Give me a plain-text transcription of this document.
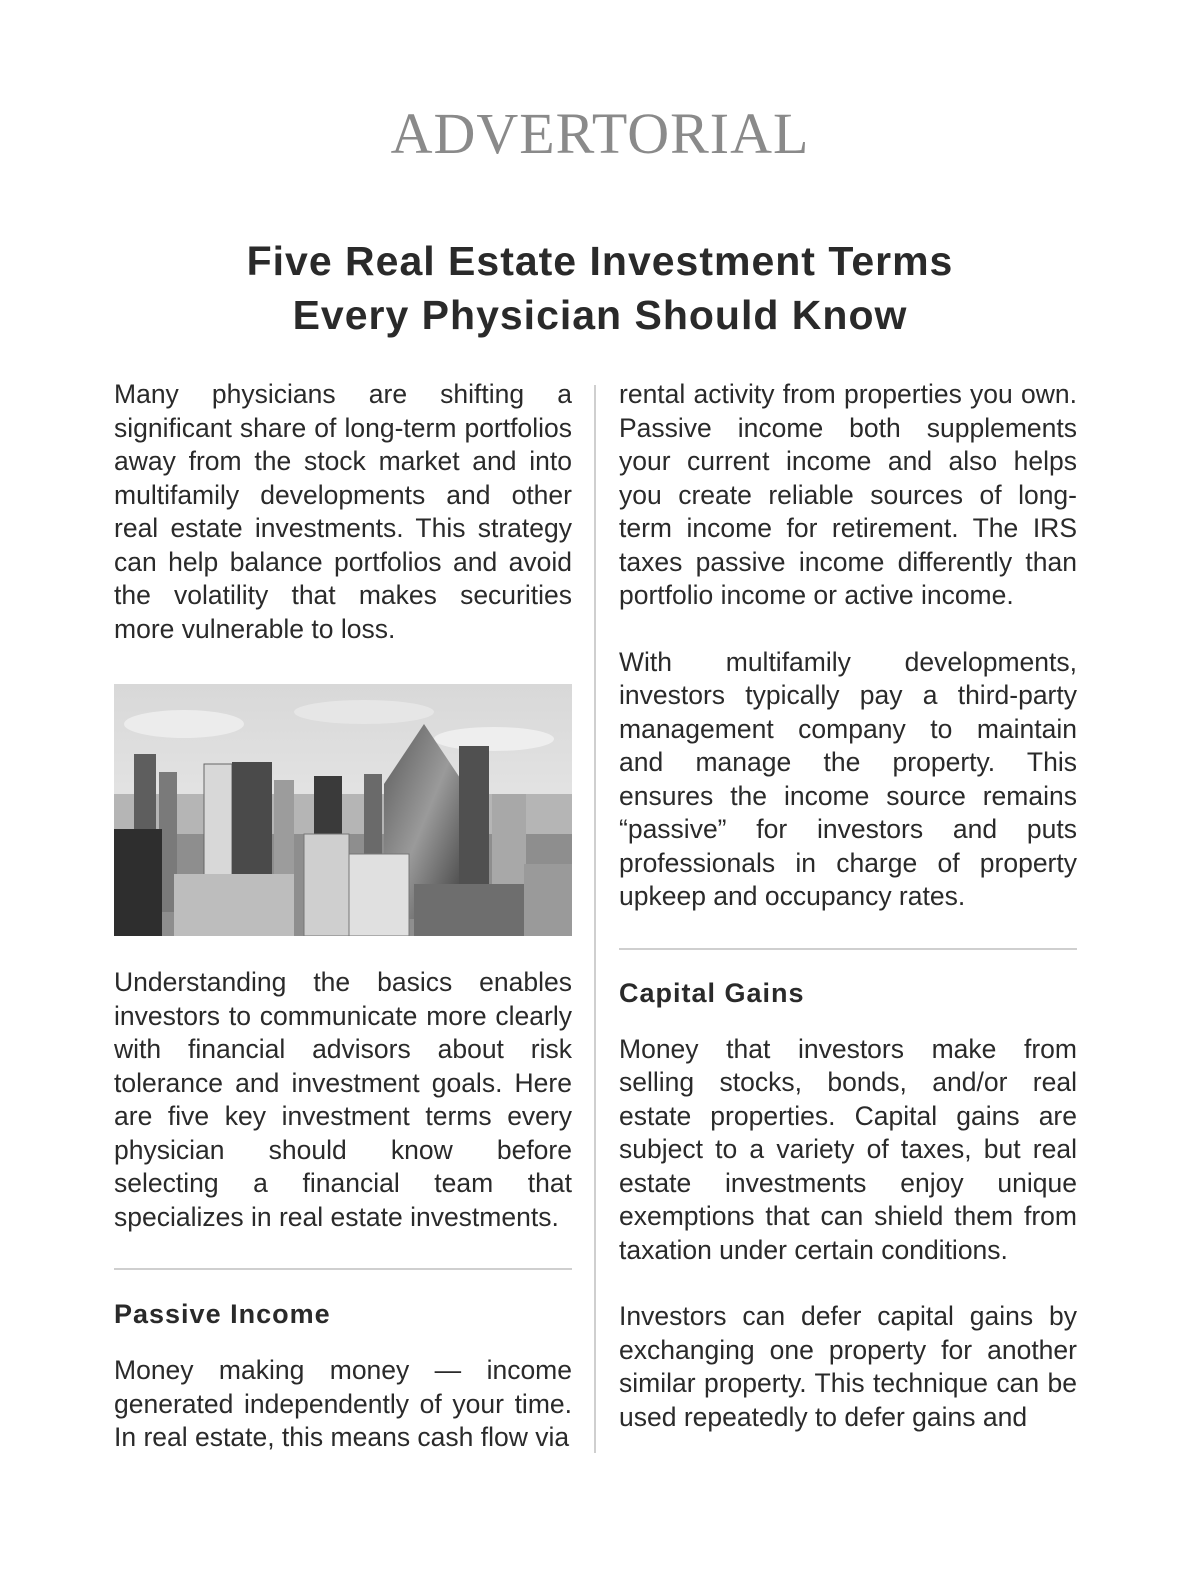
ADVERTORIAL
Five Real Estate Investment Terms
Every Physician Should Know

Many physicians are shifting a significant share of long-term portfolios away from the stock market and into multifamily developments and other real estate investments. This strategy can help balance portfolios and avoid the volatility that makes securities more vulnerable to loss.

Understanding the basics enables investors to communicate more clearly with financial advisors about risk tolerance and investment goals. Here are five key investment terms every physician should know before selecting a financial team that specializes in real estate investments.

Passive Income

Money making money — income generated independently of your time. In real estate, this means cash flow via

rental activity from properties you own. Passive income both supplements your current income and also helps you create reliable sources of long-term income for retirement. The IRS taxes passive income differently than portfolio income or active income.

With multifamily developments, investors typically pay a third-party management company to maintain and manage the property. This ensures the income source remains “passive” for investors and puts professionals in charge of property upkeep and occupancy rates.

Capital Gains

Money that investors make from selling stocks, bonds, and/or real estate properties. Capital gains are subject to a variety of taxes, but real estate investments enjoy unique exemptions that can shield them from taxation under certain conditions.

Investors can defer capital gains by exchanging one property for another similar property. This technique can be used repeatedly to defer gains and
